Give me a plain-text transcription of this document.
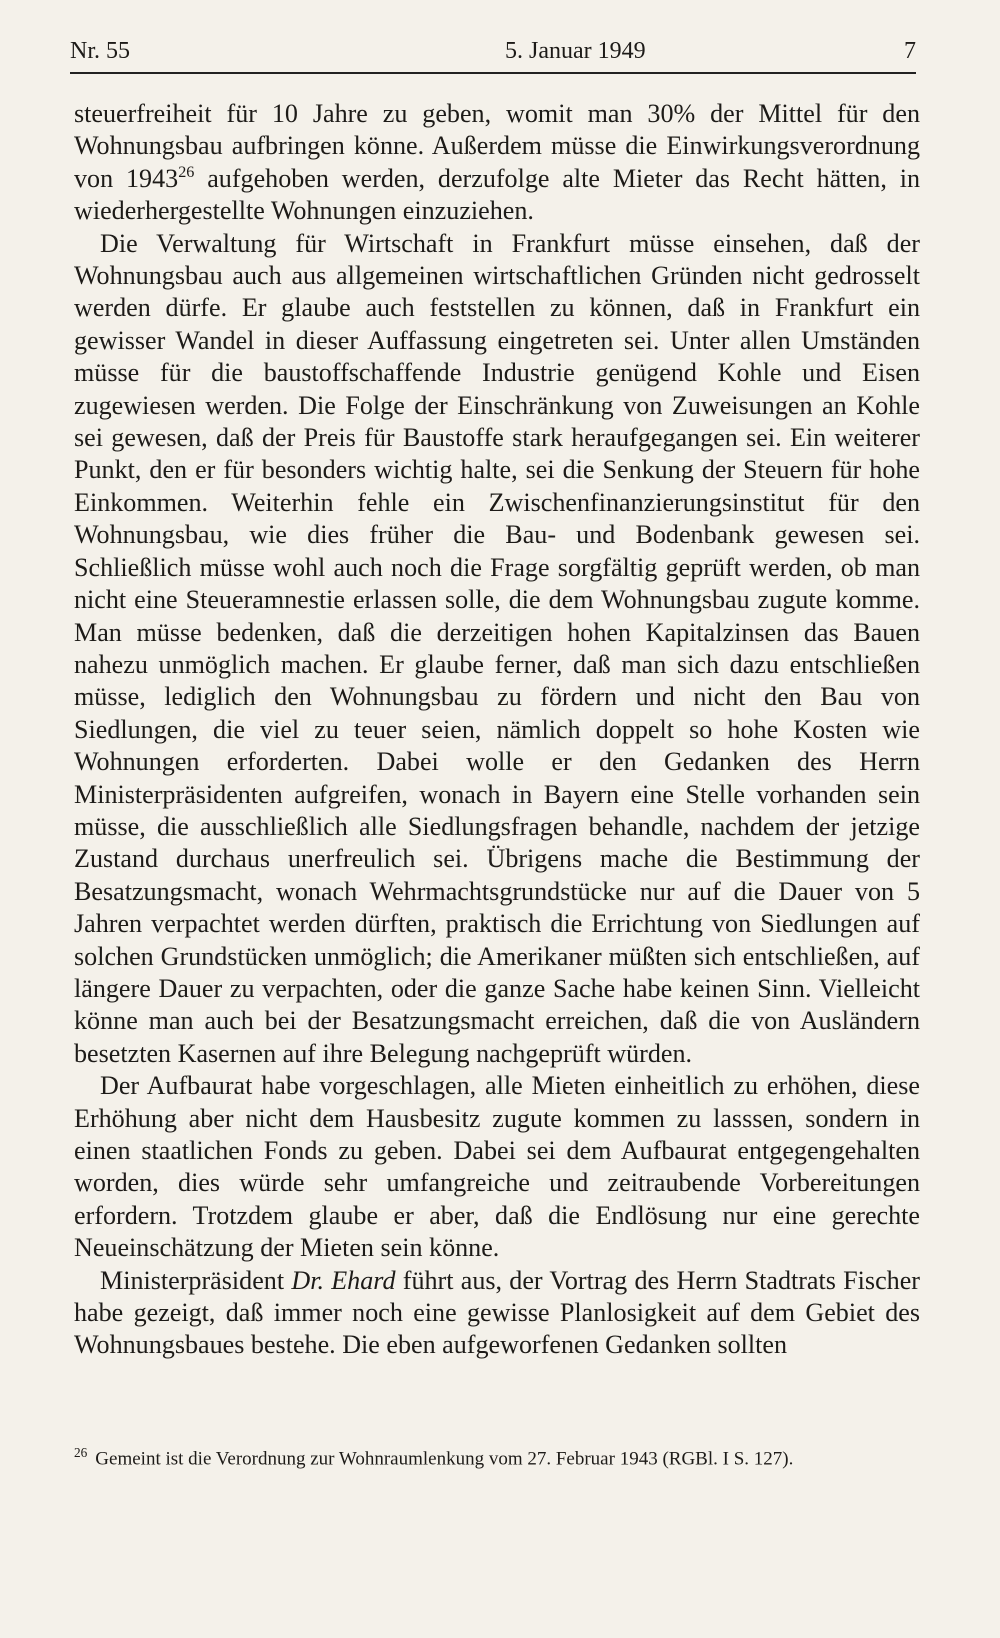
Nr. 55	5. Januar 1949	7

steuerfreiheit für 10 Jahre zu geben, womit man 30% der Mittel für den Wohnungsbau aufbringen könne. Außerdem müsse die Einwirkungsverordnung von 1943$^{26}$ aufgehoben werden, derzufolge alte Mieter das Recht hätten, in wiederhergestellte Wohnungen einzuziehen.

Die Verwaltung für Wirtschaft in Frankfurt müsse einsehen, daß der Wohnungsbau auch aus allgemeinen wirtschaftlichen Gründen nicht gedrosselt werden dürfe. Er glaube auch feststellen zu können, daß in Frankfurt ein gewisser Wandel in dieser Auffassung eingetreten sei. Unter allen Umständen müsse für die baustoffschaffende Industrie genügend Kohle und Eisen zugewiesen werden. Die Folge der Einschränkung von Zuweisungen an Kohle sei gewesen, daß der Preis für Baustoffe stark heraufgegangen sei. Ein weiterer Punkt, den er für besonders wichtig halte, sei die Senkung der Steuern für hohe Einkommen. Weiterhin fehle ein Zwischenfinanzierungsinstitut für den Wohnungsbau, wie dies früher die Bau- und Bodenbank gewesen sei. Schließlich müsse wohl auch noch die Frage sorgfältig geprüft werden, ob man nicht eine Steueramnestie erlassen solle, die dem Wohnungsbau zugute komme. Man müsse bedenken, daß die derzeitigen hohen Kapitalzinsen das Bauen nahezu unmöglich machen. Er glaube ferner, daß man sich dazu entschließen müsse, lediglich den Wohnungsbau zu fördern und nicht den Bau von Siedlungen, die viel zu teuer seien, nämlich doppelt so hohe Kosten wie Wohnungen erforderten. Dabei wolle er den Gedanken des Herrn Ministerpräsidenten aufgreifen, wonach in Bayern eine Stelle vorhanden sein müsse, die ausschließlich alle Siedlungsfragen behandle, nachdem der jetzige Zustand durchaus unerfreulich sei. Übrigens mache die Bestimmung der Besatzungsmacht, wonach Wehrmachtsgrundstücke nur auf die Dauer von 5 Jahren verpachtet werden dürften, praktisch die Errichtung von Siedlungen auf solchen Grundstücken unmöglich; die Amerikaner müßten sich entschließen, auf längere Dauer zu verpachten, oder die ganze Sache habe keinen Sinn. Vielleicht könne man auch bei der Besatzungsmacht erreichen, daß die von Ausländern besetzten Kasernen auf ihre Belegung nachgeprüft würden.

Der Aufbaurat habe vorgeschlagen, alle Mieten einheitlich zu erhöhen, diese Erhöhung aber nicht dem Hausbesitz zugute kommen zu lasssen, sondern in einen staatlichen Fonds zu geben. Dabei sei dem Aufbaurat entgegengehalten worden, dies würde sehr umfangreiche und zeitraubende Vorbereitungen erfordern. Trotzdem glaube er aber, daß die Endlösung nur eine gerechte Neueinschätzung der Mieten sein könne.

Ministerpräsident Dr. Ehard führt aus, der Vortrag des Herrn Stadtrats Fischer habe gezeigt, daß immer noch eine gewisse Planlosigkeit auf dem Gebiet des Wohnungsbaues bestehe. Die eben aufgeworfenen Gedanken sollten

$^{26}$ Gemeint ist die Verordnung zur Wohnraumlenkung vom 27. Februar 1943 (RGBl. I S. 127).
